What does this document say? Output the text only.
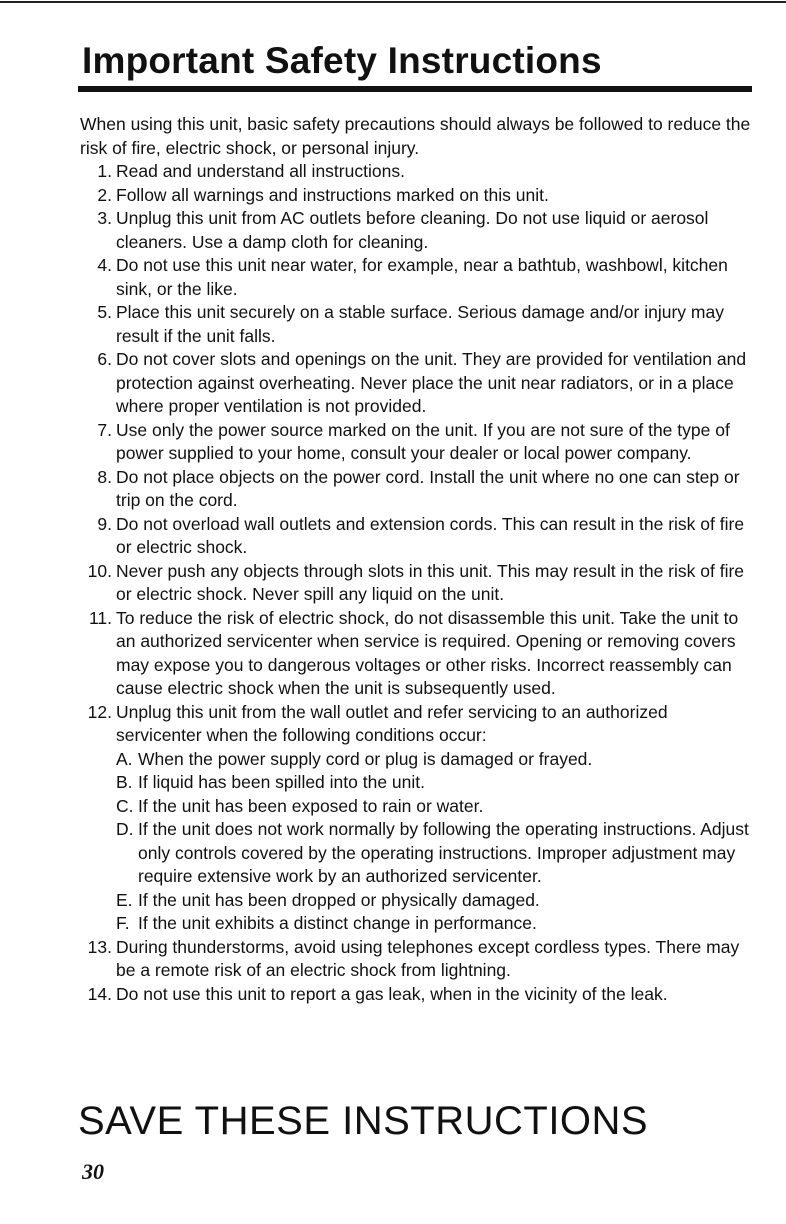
Important Safety Instructions

When using this unit, basic safety precautions should always be followed to reduce the risk of fire, electric shock, or personal injury.

1. Read and understand all instructions.
2. Follow all warnings and instructions marked on this unit.
3. Unplug this unit from AC outlets before cleaning. Do not use liquid or aerosol cleaners. Use a damp cloth for cleaning.
4. Do not use this unit near water, for example, near a bathtub, washbowl, kitchen sink, or the like.
5. Place this unit securely on a stable surface. Serious damage and/or injury may result if the unit falls.
6. Do not cover slots and openings on the unit. They are provided for ventilation and protection against overheating. Never place the unit near radiators, or in a place where proper ventilation is not provided.
7. Use only the power source marked on the unit. If you are not sure of the type of power supplied to your home, consult your dealer or local power company.
8. Do not place objects on the power cord. Install the unit where no one can step or trip on the cord.
9. Do not overload wall outlets and extension cords. This can result in the risk of fire or electric shock.
10. Never push any objects through slots in this unit. This may result in the risk of fire or electric shock. Never spill any liquid on the unit.
11. To reduce the risk of electric shock, do not disassemble this unit. Take the unit to an authorized servicenter when service is required. Opening or removing covers may expose you to dangerous voltages or other risks. Incorrect reassembly can cause electric shock when the unit is subsequently used.
12. Unplug this unit from the wall outlet and refer servicing to an authorized servicenter when the following conditions occur:
A. When the power supply cord or plug is damaged or frayed.
B. If liquid has been spilled into the unit.
C. If the unit has been exposed to rain or water.
D. If the unit does not work normally by following the operating instructions. Adjust only controls covered by the operating instructions. Improper adjustment may require extensive work by an authorized servicenter.
E. If the unit has been dropped or physically damaged.
F. If the unit exhibits a distinct change in performance.
13. During thunderstorms, avoid using telephones except cordless types. There may be a remote risk of an electric shock from lightning.
14. Do not use this unit to report a gas leak, when in the vicinity of the leak.
SAVE THESE INSTRUCTIONS
30
